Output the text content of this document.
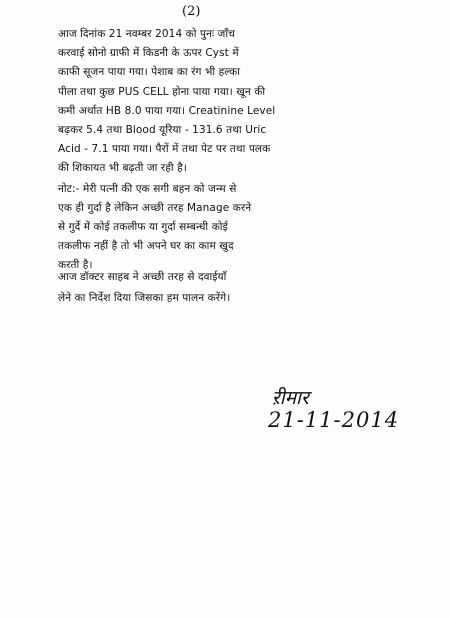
(2)
आज दिनांक 21 नवम्बर 2014 को पुनः जाँच
करवाई सोनो ग्राफी में किडनी के ऊपर Cyst में
काफी सूजन पाया गया। पेशाब का रंग भी हल्का
पीला तथा कुछ PUS CELL होना पाया गया। खून की
कमी अर्थात HB 8.0 पाया गया। Creatinine Level
बढ़कर 5.4 तथा Blood यूरिया - 131.6 तथा Uric
Acid - 7.1 पाया गया। पैरों में तथा पेट पर तथा पलक
की शिकायत भी बढ़ती जा रही है।
नोट:- मेरी पत्नी की एक सगी बहन को जन्म से
एक ही गुर्दा है लेकिन अच्छी तरह Manage करने
से गुर्दे में कोई तकलीफ या गुर्दा सम्बन्धी कोई
तकलीफ नहीं है तो भी अपने घर का काम खुद
करती है।
आज डॉक्टर साहब ने अच्छी तरह से दवाईयाँ
लेने का निर्देश दिया जिसका हम पालन करेंगे।
ऱीमार
21-11-2014
